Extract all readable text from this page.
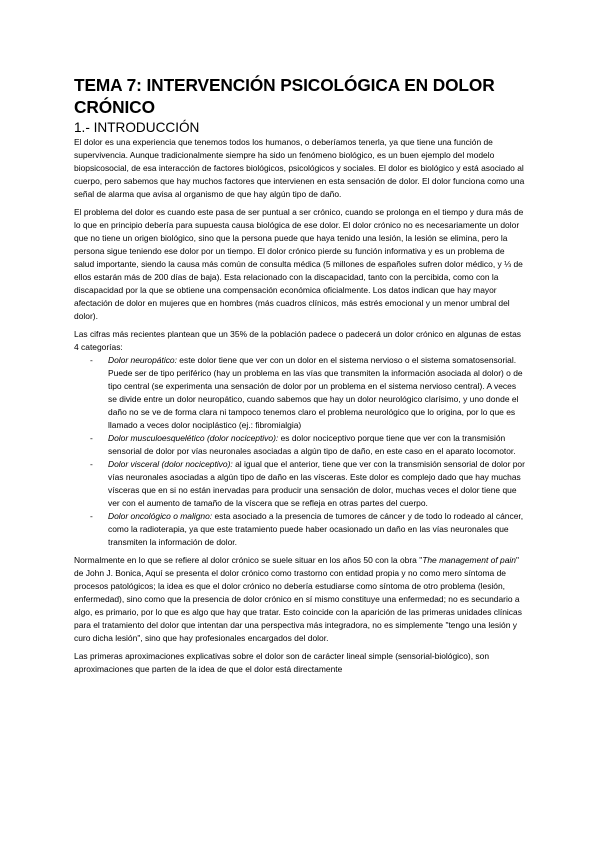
TEMA 7: INTERVENCIÓN PSICOLÓGICA EN DOLOR CRÓNICO
1.- INTRODUCCIÓN

El dolor es una experiencia que tenemos todos los humanos, o deberíamos tenerla, ya que tiene una función de supervivencia. Aunque tradicionalmente siempre ha sido un fenómeno biológico, es un buen ejemplo del modelo biopsicosocial, de esa interacción de factores biológicos, psicológicos y sociales. El dolor es biológico y está asociado al cuerpo, pero sabemos que hay muchos factores que intervienen en esta sensación de dolor. El dolor funciona como una señal de alarma que avisa al organismo de que hay algún tipo de daño.

El problema del dolor es cuando este pasa de ser puntual a ser crónico, cuando se prolonga en el tiempo y dura más de lo que en principio debería para supuesta causa biológica de ese dolor. El dolor crónico no es necesariamente un dolor que no tiene un origen biológico, sino que la persona puede que haya tenido una lesión, la lesión se elimina, pero la persona sigue teniendo ese dolor por un tiempo. El dolor crónico pierde su función informativa y es un problema de salud importante, siendo la causa más común de consulta médica (5 millones de españoles sufren dolor médico, y ⅓ de ellos estarán más de 200 días de baja). Esta relacionado con la discapacidad, tanto con la percibida, como con la discapacidad por la que se obtiene una compensación económica oficialmente. Los datos indican que hay mayor afectación de dolor en mujeres que en hombres (más cuadros clínicos, más estrés emocional y un menor umbral del dolor).

Las cifras más recientes plantean que un 35% de la población padece o padecerá un dolor crónico en algunas de estas 4 categorías:

- Dolor neuropático: este dolor tiene que ver con un dolor en el sistema nervioso o el sistema somatosensorial. Puede ser de tipo periférico (hay un problema en las vías que transmiten la información asociada al dolor) o de tipo central (se experimenta una sensación de dolor por un problema en el sistema nervioso central). A veces se divide entre un dolor neuropático, cuando sabemos que hay un dolor neurológico clarísimo, y uno donde el daño no se ve de forma clara ni tampoco tenemos claro el problema neurológico que lo origina, por lo que es llamado a veces dolor nociplástico (ej.: fibromialgia)
- Dolor musculoesquelético (dolor nociceptivo): es dolor nociceptivo porque tiene que ver con la transmisión sensorial de dolor por vías neuronales asociadas a algún tipo de daño, en este caso en el aparato locomotor.
- Dolor visceral (dolor nociceptivo): al igual que el anterior, tiene que ver con la transmisión sensorial de dolor por vías neuronales asociadas a algún tipo de daño en las vísceras. Este dolor es complejo dado que hay muchas vísceras que en si no están inervadas para producir una sensación de dolor, muchas veces el dolor tiene que ver con el aumento de tamaño de la víscera que se refleja en otras partes del cuerpo.
- Dolor oncológico o maligno: esta asociado a la presencia de tumores de cáncer y de todo lo rodeado al cáncer, como la radioterapia, ya que este tratamiento puede haber ocasionado un daño en las vías neuronales que transmiten la información de dolor.

Normalmente en lo que se refiere al dolor crónico se suele situar en los años 50 con la obra "The management of pain" de John J. Bonica, Aquí se presenta el dolor crónico como trastorno con entidad propia y no como mero síntoma de procesos patológicos; la idea es que el dolor crónico no debería estudiarse como síntoma de otro problema (lesión, enfermedad), sino como que la presencia de dolor crónico en sí mismo constituye una enfermedad; no es secundario a algo, es primario, por lo que es algo que hay que tratar. Esto coincide con la aparición de las primeras unidades clínicas para el tratamiento del dolor que intentan dar una perspectiva más integradora, no es simplemente "tengo una lesión y curo dicha lesión", sino que hay profesionales encargados del dolor.

Las primeras aproximaciones explicativas sobre el dolor son de carácter lineal simple (sensorial-biológico), son aproximaciones que parten de la idea de que el dolor está directamente
